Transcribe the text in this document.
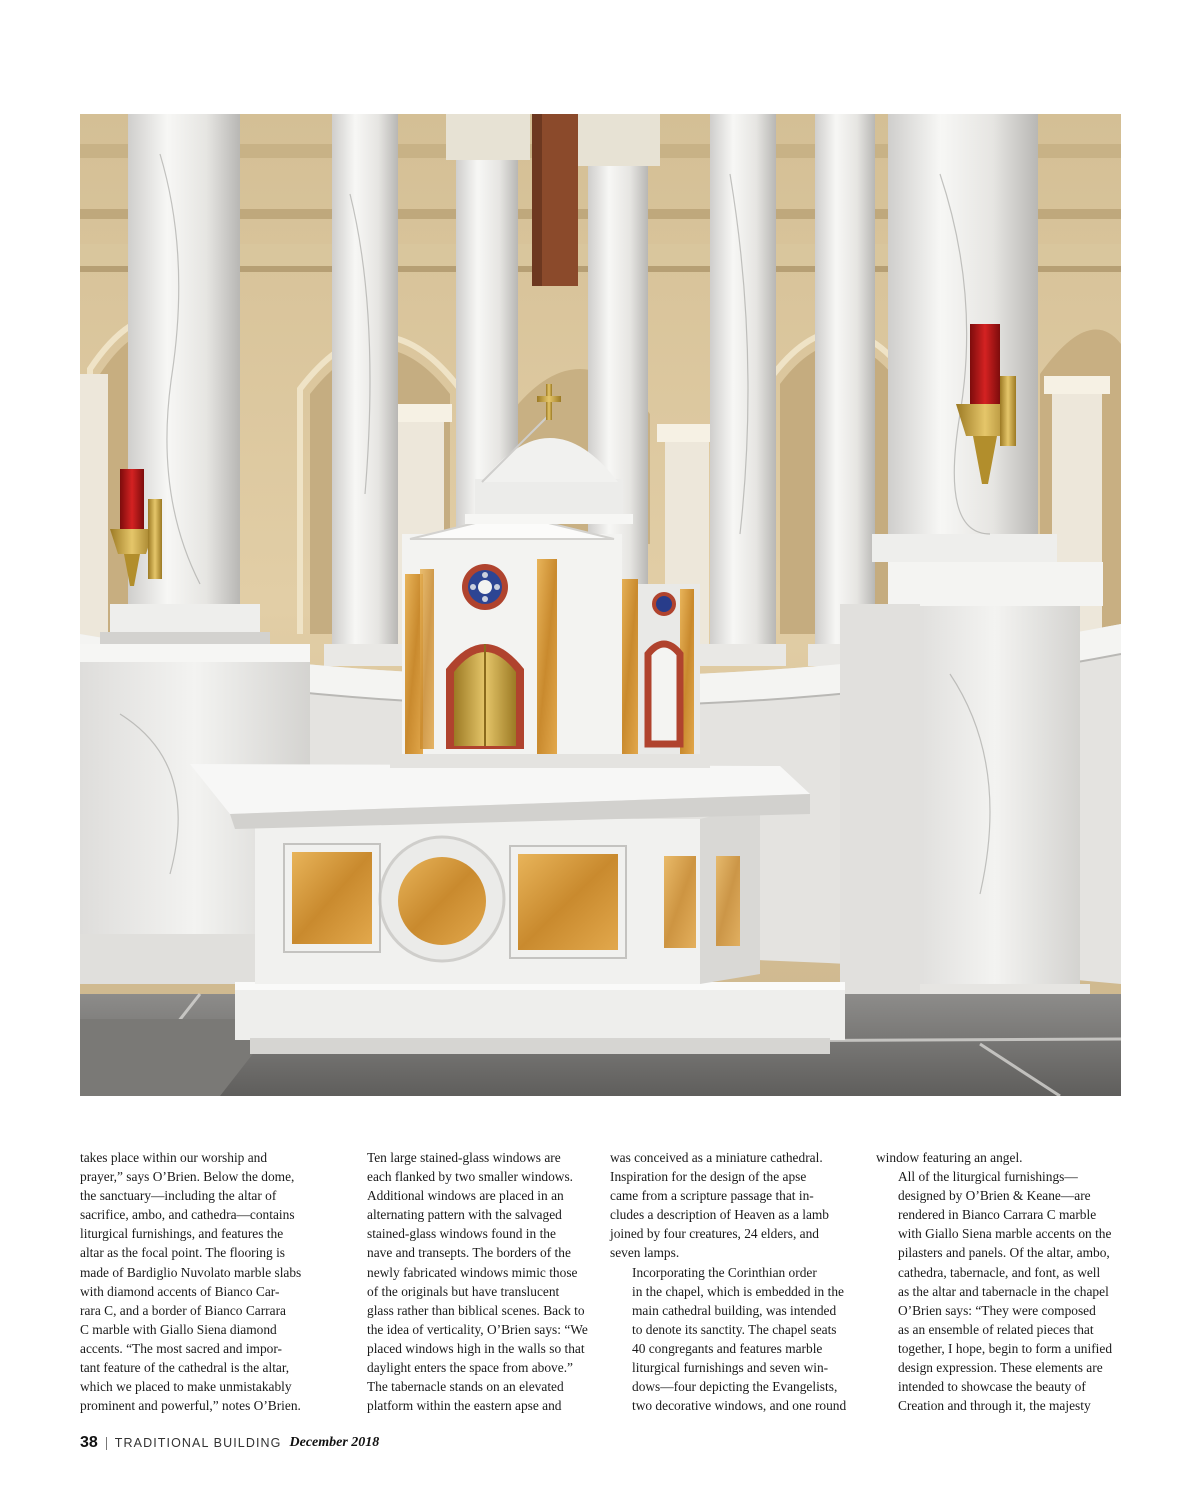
takes place within our worship and
prayer,” says O’Brien. Below the dome,
the sanctuary—including the altar of
sacrifice, ambo, and cathedra—contains
liturgical furnishings, and features the
altar as the focal point. The flooring is
made of Bardiglio Nuvolato marble slabs
with diamond accents of Bianco Car-
rara C, and a border of Bianco Carrara
C marble with Giallo Siena diamond
accents. “The most sacred and impor-
tant feature of the cathedral is the altar,
which we placed to make unmistakably
prominent and powerful,” notes O’Brien.

Ten large stained-glass windows are
each flanked by two smaller windows.
Additional windows are placed in an
alternating pattern with the salvaged
stained-glass windows found in the
nave and transepts. The borders of the
newly fabricated windows mimic those
of the originals but have translucent
glass rather than biblical scenes. Back to
the idea of verticality, O’Brien says: “We
placed windows high in the walls so that
daylight enters the space from above.”

The tabernacle stands on an elevated
platform within the eastern apse and

was conceived as a miniature cathedral.
Inspiration for the design of the apse
came from a scripture passage that in-
cludes a description of Heaven as a lamb
joined by four creatures, 24 elders, and
seven lamps.

Incorporating the Corinthian order
in the chapel, which is embedded in the
main cathedral building, was intended
to denote its sanctity. The chapel seats
40 congregants and features marble
liturgical furnishings and seven win-
dows—four depicting the Evangelists,
two decorative windows, and one round

window featuring an angel.

All of the liturgical furnishings—
designed by O’Brien & Keane—are
rendered in Bianco Carrara C marble
with Giallo Siena marble accents on the
pilasters and panels. Of the altar, ambo,
cathedra, tabernacle, and font, as well
as the altar and tabernacle in the chapel
O’Brien says: “They were composed
as an ensemble of related pieces that
together, I hope, begin to form a unified
design expression. These elements are
intended to showcase the beauty of
Creation and through it, the majesty

38 TRADITIONAL BUILDING December 2018
